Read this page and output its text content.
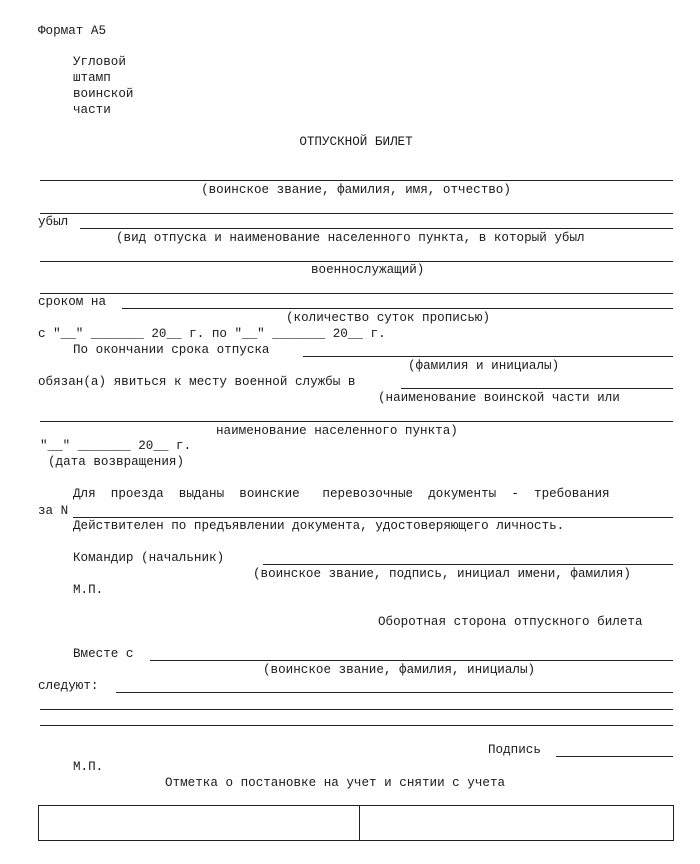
Формат А5
Угловой
штамп
воинской
части
ОТПУСКНОЙ БИЛЕТ
(воинское звание, фамилия, имя, отчество)
убыл
(вид отпуска и наименование населенного пункта, в который убыл
военнослужащий)
сроком на
(количество суток прописью)
с "__" _______ 20__ г. по "__" _______ 20__ г.
По окончании срока отпуска
(фамилия и инициалы)
обязан(а) явиться к месту военной службы в
(наименование воинской части или
наименование населенного пункта)
"__" _______ 20__ г.
(дата возвращения)
Для  проезда  выданы  воинские   перевозочные  документы  -  требования
за N
Действителен по предъявлении документа, удостоверяющего личность.
Командир (начальник)
(воинское звание, подпись, инициал имени, фамилия)
М.П.
Оборотная сторона отпускного билета
Вместе с
(воинское звание, фамилия, инициалы)
следуют:
Подпись
М.П.
Отметка о постановке на учет и снятии с учета
